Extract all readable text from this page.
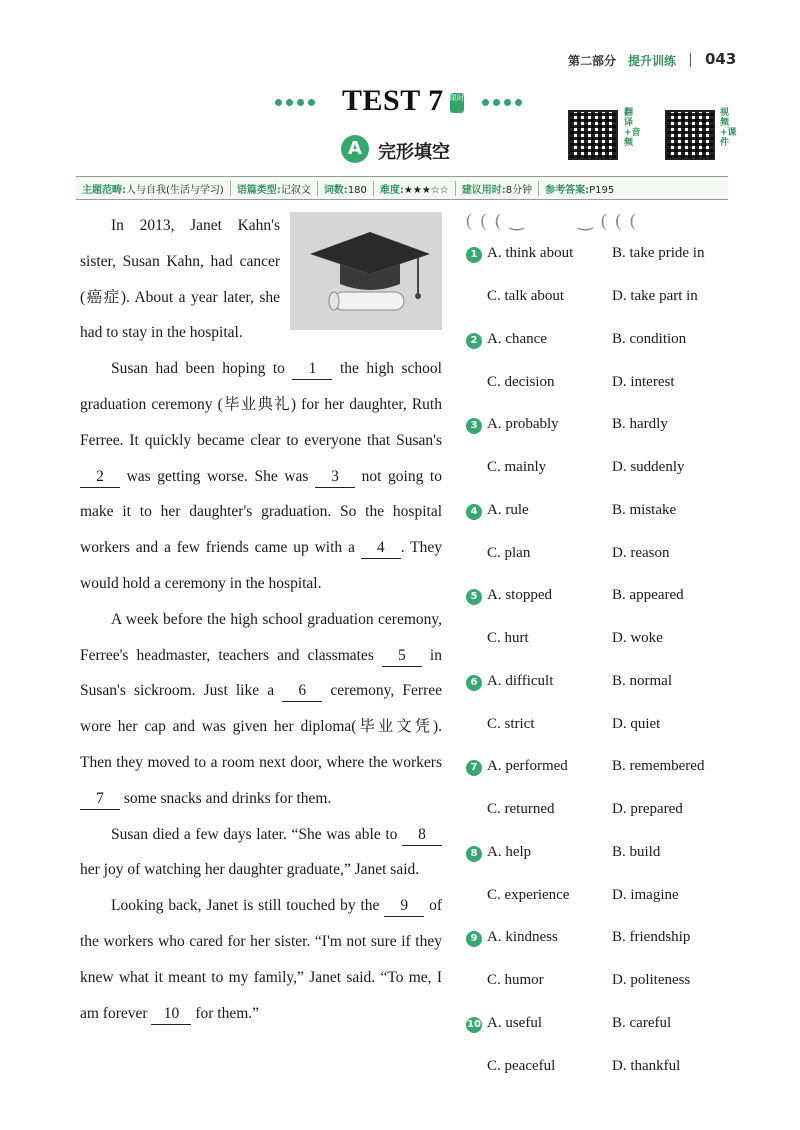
第二部分 提升训练 043
TEST 7 限时
A 完形填空
翻译+音频
视频+课件
主题范畴:人与自我(生活与学习)	语篇类型:记叙文	词数:180	难度:★★★☆☆	建议用时:8分钟	参考答案:P195

In 2013, Janet Kahn's sister, Susan Kahn, had cancer (癌症). About a year later, she had to stay in the hospital.

Susan had been hoping to 1 the high school graduation ceremony (毕业典礼) for her daughter, Ruth Ferree. It quickly became clear to everyone that Susan's 2 was getting worse. She was 3 not going to make it to her daughter's graduation. So the hospital workers and a few friends came up with a 4 . They would hold a ceremony in the hospital.

A week before the high school graduation ceremony, Ferree's headmaster, teachers and classmates 5 in Susan's sickroom. Just like a 6 ceremony, Ferree wore her cap and was given her diploma(毕业文凭). Then they moved to a room next door, where the workers 7 some snacks and drinks for them.

Susan died a few days later. “She was able to 8 her joy of watching her daughter graduate,” Janet said.

Looking back, Janet is still touched by the 9 of the workers who cared for her sister. “I'm not sure if they knew what it meant to my family,” Janet said. “To me, I am forever 10 for them.”

( ( ( ‿        ‿ ( ( (
1 A. think about	B. take pride in
C. talk about	D. take part in
2 A. chance	B. condition
C. decision	D. interest
3 A. probably	B. hardly
C. mainly	D. suddenly
4 A. rule	B. mistake
C. plan	D. reason
5 A. stopped	B. appeared
C. hurt	D. woke
6 A. difficult	B. normal
C. strict	D. quiet
7 A. performed	B. remembered
C. returned	D. prepared
8 A. help	B. build
C. experience	D. imagine
9 A. kindness	B. friendship
C. humor	D. politeness
10 A. useful	B. careful
C. peaceful	D. thankful
